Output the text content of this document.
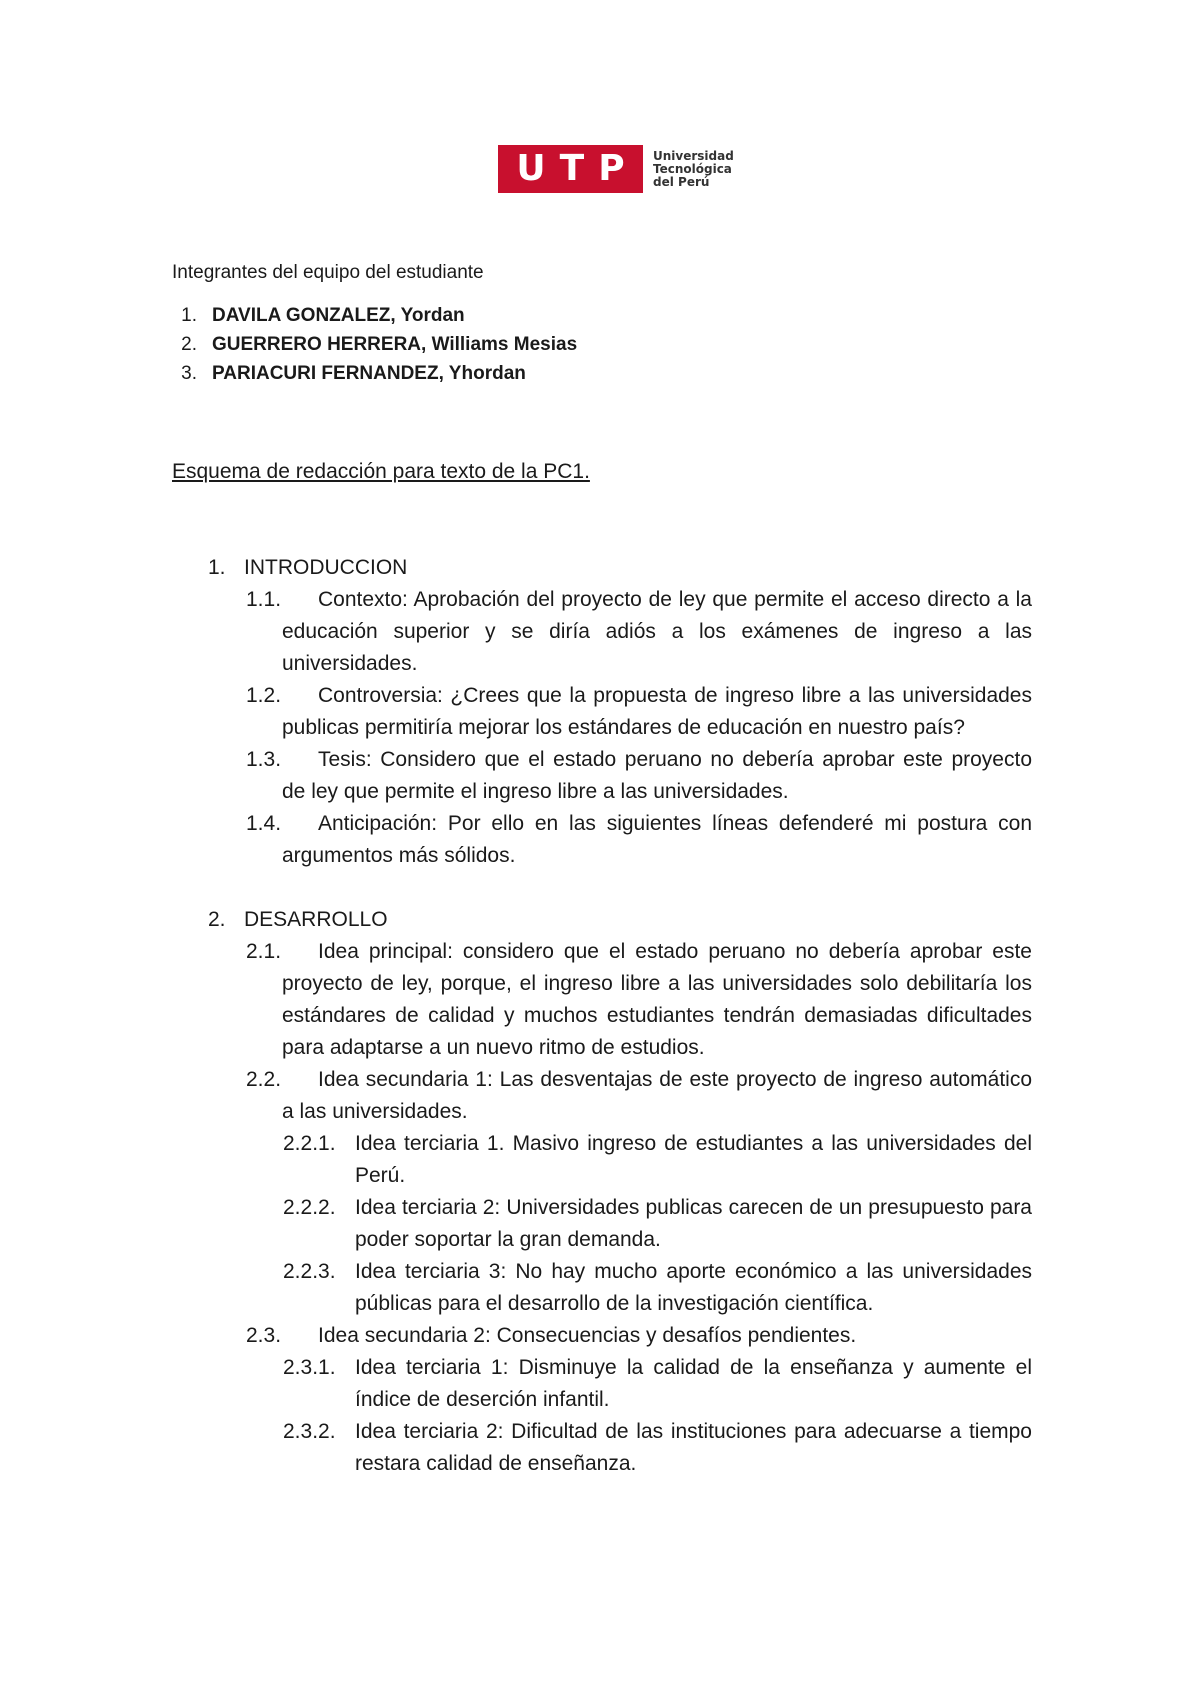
U T P Universidad
Tecnológica
del Perú
Integrantes del equipo del estudiante
1. DAVILA GONZALEZ, Yordan
2. GUERRERO HERRERA, Williams Mesias
3. PARIACURI FERNANDEZ, Yhordan
Esquema de redacción para texto de la PC1.
1. INTRODUCCION
1.1.	Contexto: Aprobación del proyecto de ley que permite el acceso directo a la educación superior y se diría adiós a los exámenes de ingreso a las universidades.
1.2.	Controversia: ¿Crees que la propuesta de ingreso libre a las universidades publicas permitiría mejorar los estándares de educación en nuestro país?
1.3.	Tesis: Considero que el estado peruano no debería aprobar este proyecto de ley que permite el ingreso libre a las universidades.
1.4.	Anticipación: Por ello en las siguientes líneas defenderé mi postura con argumentos más sólidos.
2. DESARROLLO
2.1.	Idea principal: considero que el estado peruano no debería aprobar este proyecto de ley, porque, el ingreso libre a las universidades solo debilitaría los estándares de calidad y muchos estudiantes tendrán demasiadas dificultades para adaptarse a un nuevo ritmo de estudios.
2.2.	Idea secundaria 1: Las desventajas de este proyecto de ingreso automático a las universidades.
2.2.1. Idea terciaria 1. Masivo ingreso de estudiantes a las universidades del Perú.
2.2.2. Idea terciaria 2: Universidades publicas carecen de un presupuesto para poder soportar la gran demanda.
2.2.3. Idea terciaria 3: No hay mucho aporte económico a las universidades públicas para el desarrollo de la investigación científica.
2.3.	Idea secundaria 2: Consecuencias y desafíos pendientes.
2.3.1. Idea terciaria 1: Disminuye la calidad de la enseñanza y aumente el índice de deserción infantil.
2.3.2. Idea terciaria 2: Dificultad de las instituciones para adecuarse a tiempo restara calidad de enseñanza.
